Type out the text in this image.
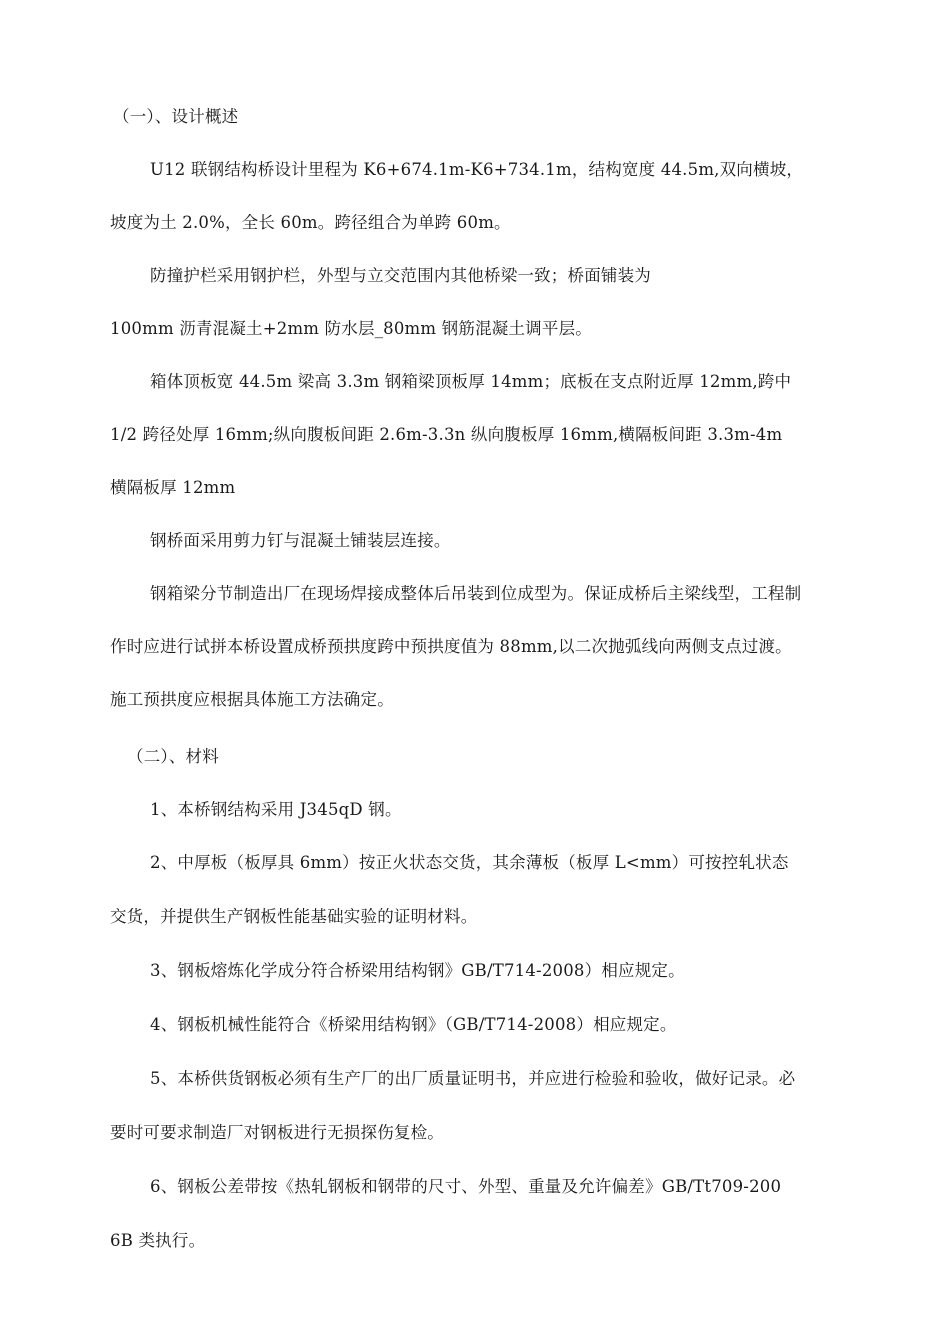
（一）、设计概述
U12 联钢结构桥设计里程为 K6+674.1m-K6+734.1m，结构宽度 44.5m,双向横坡，
坡度为土 2.0%，全长 60m。跨径组合为单跨 60m。
防撞护栏采用钢护栏，外型与立交范围内其他桥梁一致；桥面铺装为
100mm 沥青混凝土+2mm 防水层_80mm 钢筋混凝土调平层。
箱体顶板宽 44.5m 梁高 3.3m 钢箱梁顶板厚 14mm；底板在支点附近厚 12mm,跨中
1/2 跨径处厚 16mm;纵向腹板间距 2.6m-3.3n 纵向腹板厚 16mm,横隔板间距 3.3m-4m
横隔板厚 12mm
钢桥面采用剪力钉与混凝土铺装层连接。
钢箱梁分节制造出厂在现场焊接成整体后吊装到位成型为。保证成桥后主梁线型，工程制
作时应进行试拼本桥设置成桥预拱度跨中预拱度值为 88mm,以二次抛弧线向两侧支点过渡。
施工预拱度应根据具体施工方法确定。
（二）、材料
1、本桥钢结构采用 J345qD 钢。
2、中厚板（板厚具 6mm）按正火状态交货，其余薄板（板厚 L<mm）可按控轧状态
交货，并提供生产钢板性能基础实验的证明材料。
3、钢板熔炼化学成分符合桥梁用结构钢》GB/T714-2008）相应规定。
4、钢板机械性能符合《桥梁用结构钢》（GB/T714-2008）相应规定。
5、本桥供货钢板必须有生产厂的出厂质量证明书，并应进行检验和验收，做好记录。必
要时可要求制造厂对钢板进行无损探伤复检。
6、钢板公差带按《热轧钢板和钢带的尺寸、外型、重量及允许偏差》GB/Tt709-200
6B 类执行。
